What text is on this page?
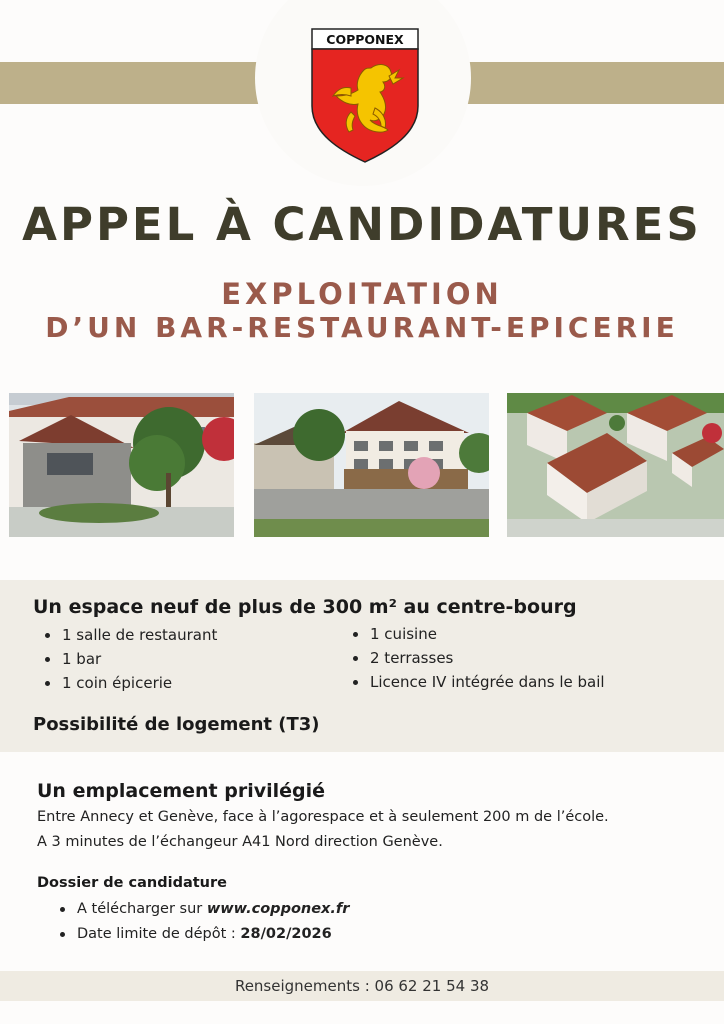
COPPONEX
APPEL À CANDIDATURES
EXPLOITATION
D’UN BAR-RESTAURANT-EPICERIE
Un espace neuf de plus de 300 m² au centre-bourg
1 salle de restaurant
1 bar
1 coin épicerie
1 cuisine
2 terrasses
Licence IV intégrée dans le bail
Possibilité de logement (T3)
Un emplacement privilégié

Entre Annecy et Genève, face à l’agorespace et à seulement 200 m de l’école.

A 3 minutes de l’échangeur A41 Nord direction Genève.

Dossier de candidature
A télécharger sur www.copponex.fr
Date limite de dépôt : 28/02/2026
Renseignements : 06 62 21 54 38
